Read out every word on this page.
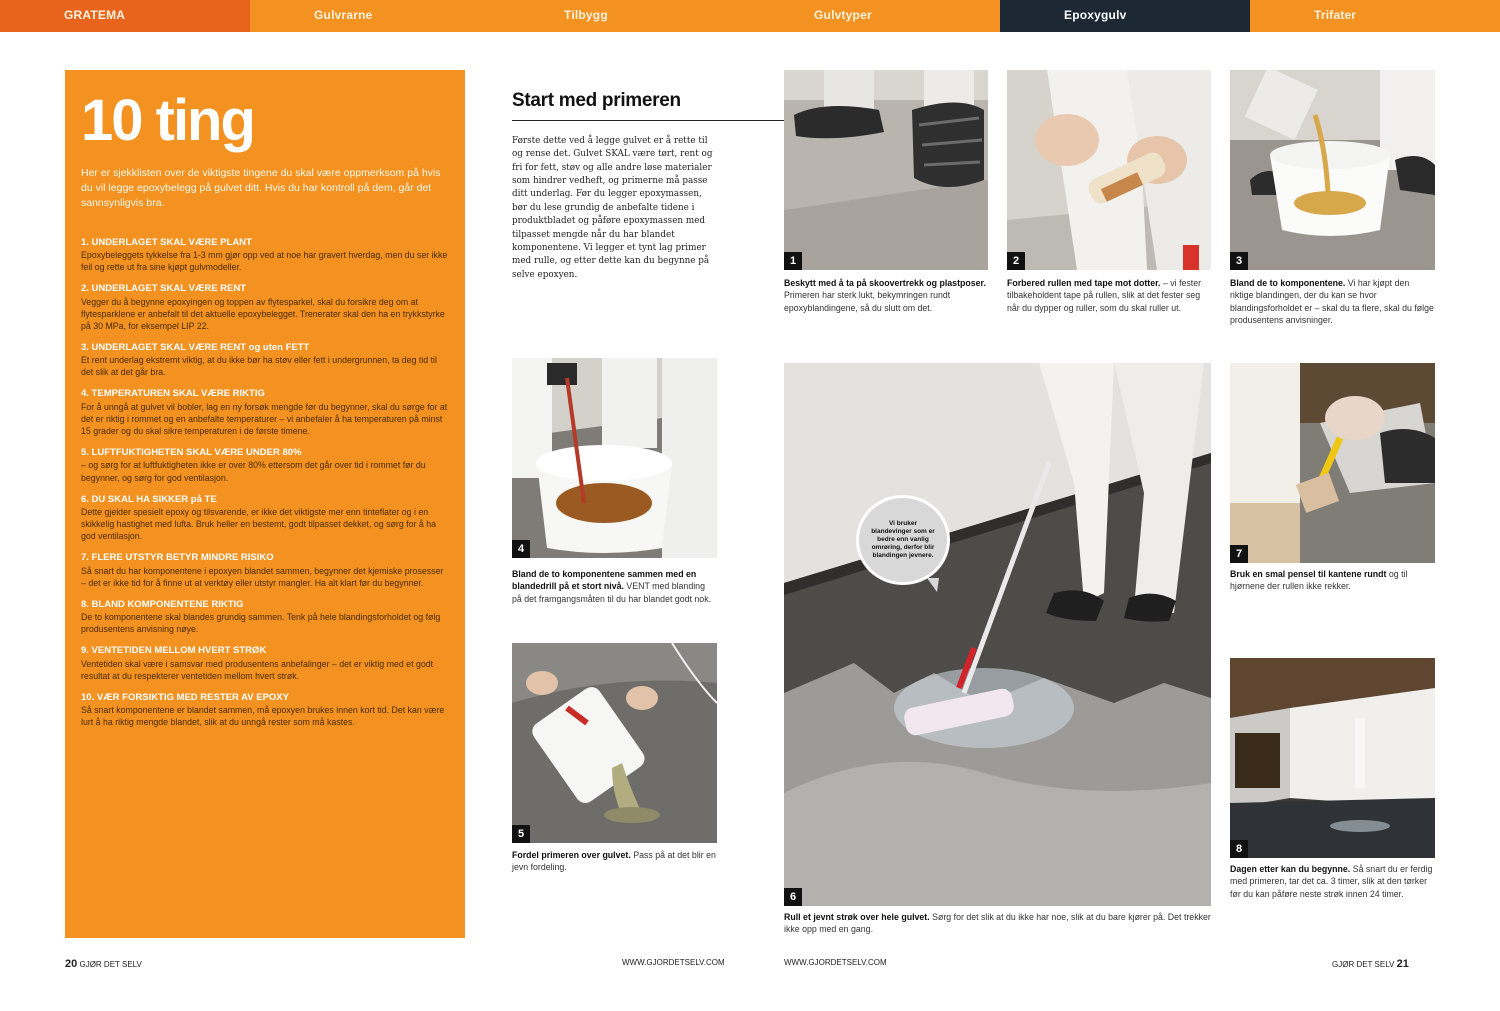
GRATEMA	Gulvrarne	Tilbygg	Gulvtyper	Epoxygulv	Trifater
10 ting
Her er sjekklisten over de viktigste tingene du skal være oppmerksom på hvis du vil legge epoxybelegg på gulvet ditt. Hvis du har kontroll på dem, går det sannsynligvis bra.
1. UNDERLAGET SKAL VÆRE PLANT
Epoxybeleggets tykkelse fra 1-3 mm gjør opp ved at noe har gravert hverdag, men du ser ikke feil og rette ut fra sine kjøpt gulvmodeller.
2. UNDERLAGET SKAL VÆRE RENT
Vegger du å begynne epoxyingen og toppen av flytesparkel, skal du forsikre deg om at flytesparklene er anbefalt til det aktuelle epoxybelegget. Trenerater skal den ha en trykkstyrke på 30 MPa, for eksempel LIP 22.
3. UNDERLAGET SKAL VÆRE RENT og uten FETT
Et rent underlag ekstremt viktig, at du ikke bør ha støv eller fett i undergrunnen, ta deg tid til det slik at det går bra.
4. TEMPERATUREN SKAL VÆRE RIKTIG
For å unngå at gulvet vil bobler, lag en ny forsøk mengde før du begynner, skal du sørge for at det er riktig i rommet og en anbefalte temperaturer – vi anbefaler å ha temperaturen på minst 15 grader og du skal sikre temperaturen i de første timene.
5. LUFTFUKTIGHETEN SKAL VÆRE UNDER 80%
– og sørg for at luftfuktigheten ikke er over 80% ettersom det går over tid i rommet før du begynner, og sørg for god ventilasjon.
6. DU SKAL HA SIKKER på TE
Dette gjelder spesielt epoxy og tilsvarende, er ikke det viktigste mer enn tinteflater og i en skikkelig hastighet med lufta. Bruk heller en bestemt, godt tilpasset dekket, og sørg for å ha god ventilasjon.
7. FLERE UTSTYR BETYR MINDRE RISIKO
Så snart du har komponentene i epoxyen blandet sammen, begynner det kjemiske prosesser – det er ikke tid for å finne ut at verktøy eller utstyr mangler. Ha alt klart før du begynner.
8. BLAND KOMPONENTENE RIKTIG
De to komponentene skal blandes grundig sammen. Tenk på hele blandingsforholdet og følg produsentens anvisning nøye.
9. VENTETIDEN MELLOM HVERT STRØK
Ventetiden skal være i samsvar med produsentens anbefalinger – det er viktig med et godt resultat at du respekterer ventetiden mellom hvert strøk.
10. VÆR FORSIKTIG MED RESTER AV EPOXY
Så snart komponentene er blandet sammen, må epoxyen brukes innen kort tid. Det kan være lurt å ha riktig mengde blandet, slik at du unngå rester som må kastes.
Start med primeren
Første dette ved å legge gulvet er å rette til og rense det. Gulvet SKAL være tørt, rent og fri for fett, støv og alle andre løse materialer som hindrer vedheft, og primerne må passe ditt underlag. Før du legger epoxymassen, bør du lese grundig de anbefalte tidene i produktbladet og påføre epoxymassen med tilpasset mengde når du har blandet komponentene. Vi legger et tynt lag primer med rulle, og etter dette kan du begynne på selve epoxyen.
1
Beskytt med å ta på skoovertrekk og plastposer. Primeren har sterk lukt, bekymringen rundt epoxyblandingene, så du slutt om det.
2
Forbered rullen med tape mot dotter. – vi fester tilbakeholdent tape på rullen, slik at det fester seg når du dypper og ruller, som du skal ruller ut.
3
Bland de to komponentene. Vi har kjøpt den riktige blandingen, der du kan se hvor blandingsforholdet er – skal du ta flere, skal du følge produsentens anvisninger.
4
Bland de to komponentene sammen med en blandedrill på et stort nivå. VENT med blanding på det framgangsmåten til du har blandet godt nok.
5
Fordel primeren over gulvet. Pass på at det blir en jevn fordeling.
6
Vi bruker blandevinger som er bedre enn vanlig omrøring, derfor blir blandingen jevnere.
Rull et jevnt strøk over hele gulvet. Sørg for det slik at du ikke har noe, slik at du bare kjører på. Det trekker ikke opp med en gang.
7
Bruk en smal pensel til kantene rundt og til hjørnene der rullen ikke rekker.
8
Dagen etter kan du begynne. Så snart du er ferdig med primeren, tar det ca. 3 timer, slik at den tørker før du kan påføre neste strøk innen 24 timer.
20 GJØR DET SELV	WWW.GJORDETSELV.COM	WWW.GJORDETSELV.COM	GJØR DET SELV 21
